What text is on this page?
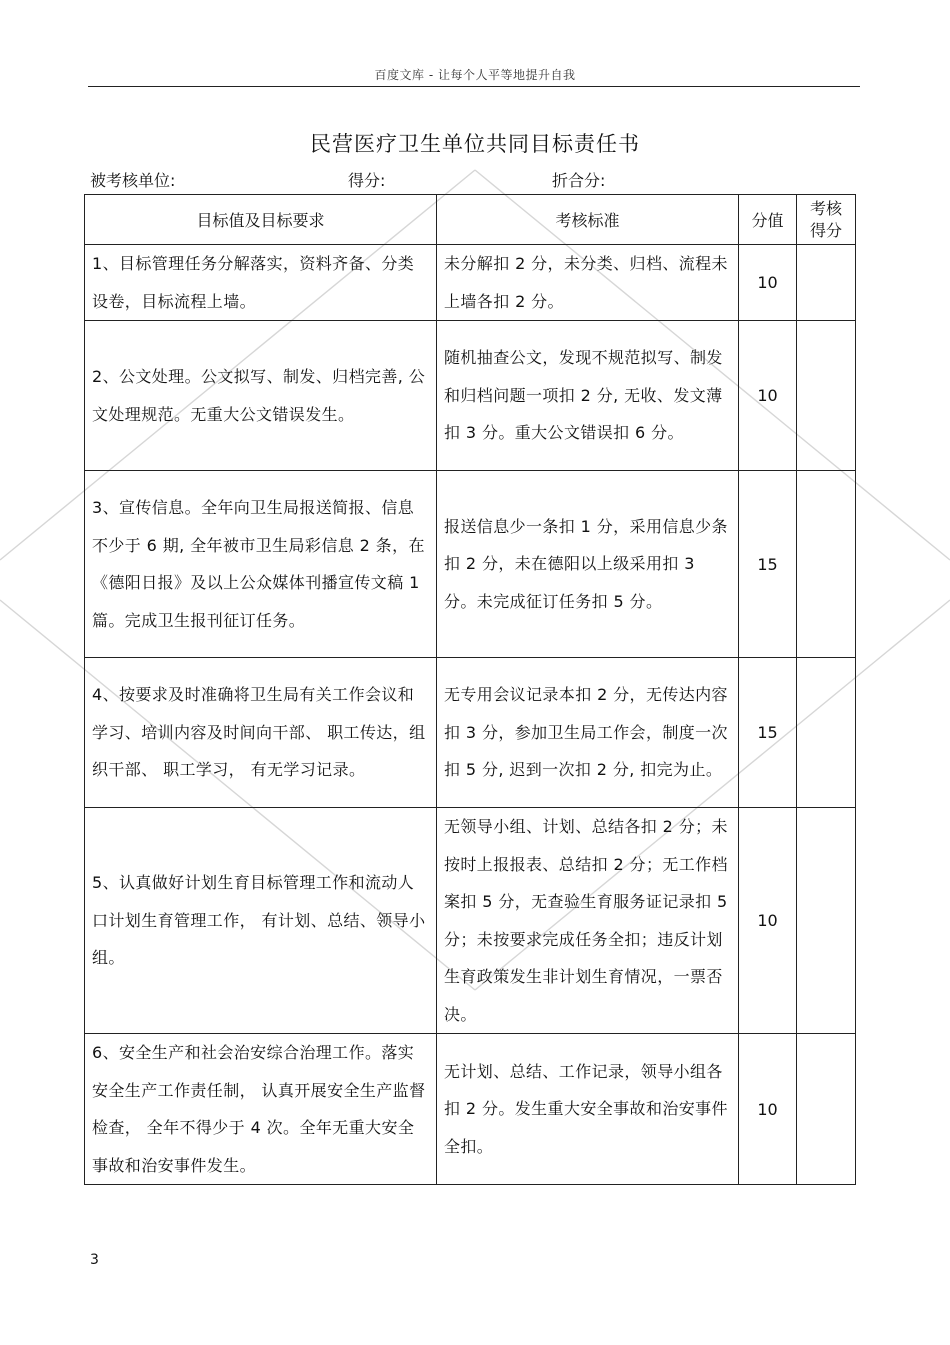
百度文库 - 让每个人平等地提升自我
民营医疗卫生单位共同目标责任书
被考核单位:	得分:	折合分:
目标值及目标要求	考核标准	分值	考核得分
1、目标管理任务分解落实，资料齐备、分类设卷，目标流程上墙。	未分解扣 2 分，未分类、归档、流程未上墙各扣 2 分。	10	
2、公文处理。公文拟写、制发、归档完善, 公文处理规范。无重大公文错误发生。	随机抽查公文，发现不规范拟写、制发和归档问题一项扣 2 分, 无收、发文薄扣 3 分。重大公文错误扣 6 分。	10	
3、宣传信息。全年向卫生局报送简报、信息不少于 6 期, 全年被市卫生局彩信息 2 条，在《德阳日报》及以上公众媒体刊播宣传文稿 1 篇。完成卫生报刊征订任务。	报送信息少一条扣 1 分，采用信息少条扣 2 分，未在德阳以上级采用扣 3 分。未完成征订任务扣 5 分。	15	
4、按要求及时准确将卫生局有关工作会议和学习、培训内容及时间向干部、 职工传达，组织干部、 职工学习， 有无学习记录。	无专用会议记录本扣 2 分，无传达内容扣 3 分，参加卫生局工作会，制度一次扣 5 分, 迟到一次扣 2 分, 扣完为止。	15	
5、认真做好计划生育目标管理工作和流动人口计划生育管理工作， 有计划、总结、领导小组。	无领导小组、计划、总结各扣 2 分；未按时上报报表、总结扣 2 分；无工作档案扣 5 分，无查验生育服务证记录扣 5 分；未按要求完成任务全扣；违反计划生育政策发生非计划生育情况，一票否决。	10	
6、安全生产和社会治安综合治理工作。落实安全生产工作责任制， 认真开展安全生产监督检查， 全年不得少于 4 次。全年无重大安全事故和治安事件发生。	无计划、总结、工作记录，领导小组各扣 2 分。发生重大安全事故和治安事件全扣。	10	
3
